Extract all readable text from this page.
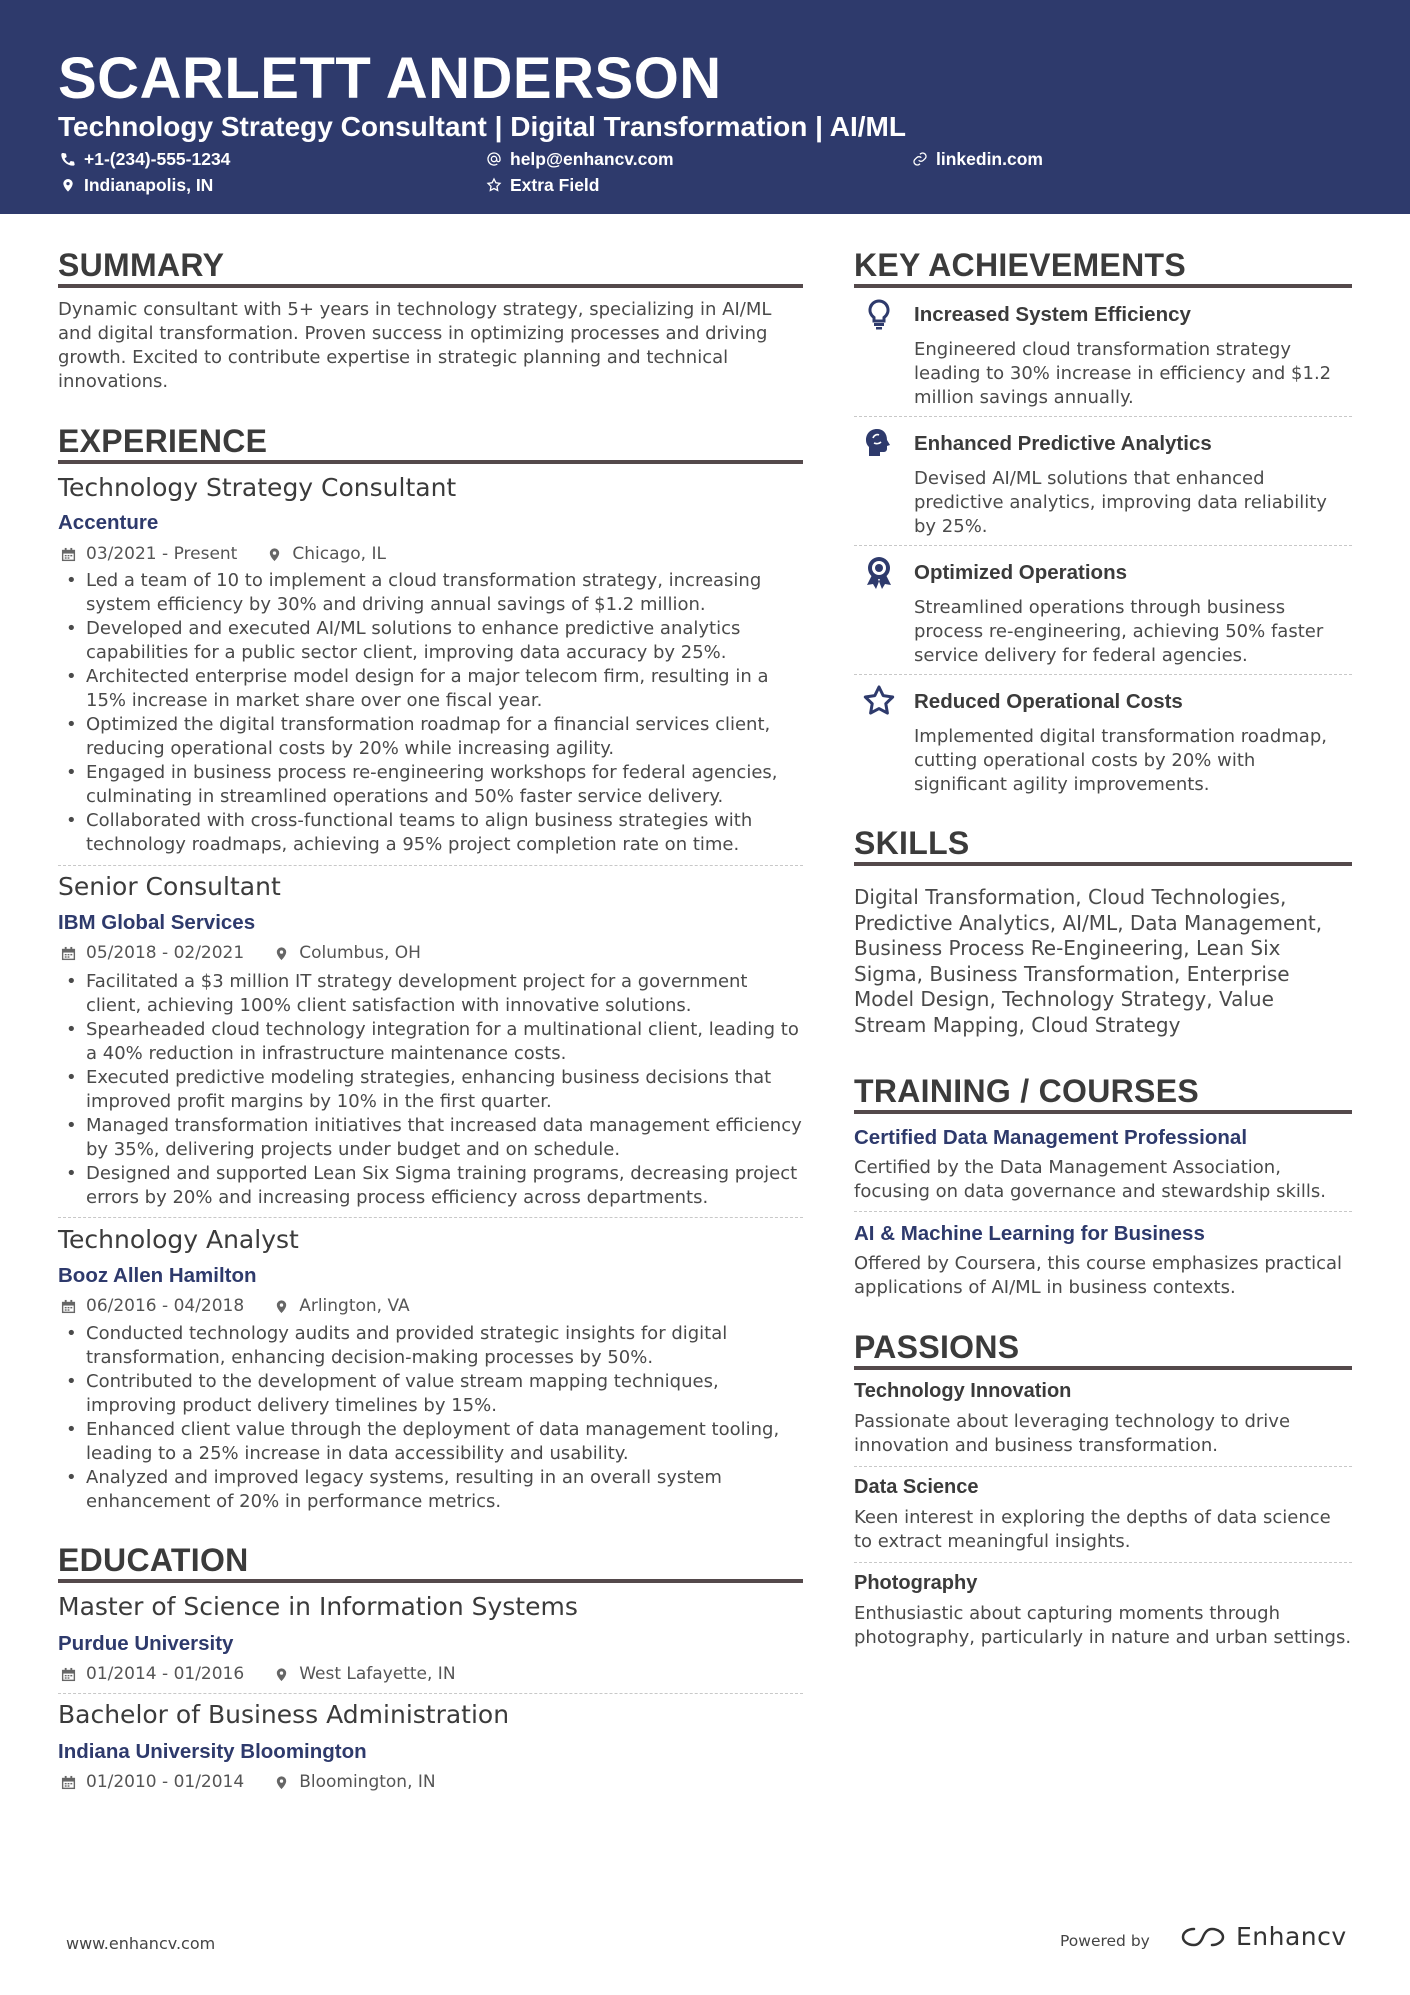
SCARLETT ANDERSON
Technology Strategy Consultant | Digital Transformation | AI/ML
+1-(234)-555-1234	help@enhancv.com	linkedin.com
Indianapolis, IN	Extra Field
SUMMARY
Dynamic consultant with 5+ years in technology strategy, specializing in AI/ML and digital transformation. Proven success in optimizing processes and driving growth. Excited to contribute expertise in strategic planning and technical innovations.
EXPERIENCE
Technology Strategy Consultant
Accenture
03/2021 - Present	Chicago, IL
• Led a team of 10 to implement a cloud transformation strategy, increasing system efficiency by 30% and driving annual savings of $1.2 million.
• Developed and executed AI/ML solutions to enhance predictive analytics capabilities for a public sector client, improving data accuracy by 25%.
• Architected enterprise model design for a major telecom firm, resulting in a 15% increase in market share over one fiscal year.
• Optimized the digital transformation roadmap for a financial services client, reducing operational costs by 20% while increasing agility.
• Engaged in business process re-engineering workshops for federal agencies, culminating in streamlined operations and 50% faster service delivery.
• Collaborated with cross-functional teams to align business strategies with technology roadmaps, achieving a 95% project completion rate on time.
Senior Consultant
IBM Global Services
05/2018 - 02/2021	Columbus, OH
• Facilitated a $3 million IT strategy development project for a government client, achieving 100% client satisfaction with innovative solutions.
• Spearheaded cloud technology integration for a multinational client, leading to a 40% reduction in infrastructure maintenance costs.
• Executed predictive modeling strategies, enhancing business decisions that improved profit margins by 10% in the first quarter.
• Managed transformation initiatives that increased data management efficiency by 35%, delivering projects under budget and on schedule.
• Designed and supported Lean Six Sigma training programs, decreasing project errors by 20% and increasing process efficiency across departments.
Technology Analyst
Booz Allen Hamilton
06/2016 - 04/2018	Arlington, VA
• Conducted technology audits and provided strategic insights for digital transformation, enhancing decision-making processes by 50%.
• Contributed to the development of value stream mapping techniques, improving product delivery timelines by 15%.
• Enhanced client value through the deployment of data management tooling, leading to a 25% increase in data accessibility and usability.
• Analyzed and improved legacy systems, resulting in an overall system enhancement of 20% in performance metrics.
EDUCATION
Master of Science in Information Systems
Purdue University
01/2014 - 01/2016	West Lafayette, IN
Bachelor of Business Administration
Indiana University Bloomington
01/2010 - 01/2014	Bloomington, IN
KEY ACHIEVEMENTS
Increased System Efficiency
Engineered cloud transformation strategy leading to 30% increase in efficiency and $1.2 million savings annually.
Enhanced Predictive Analytics
Devised AI/ML solutions that enhanced predictive analytics, improving data reliability by 25%.
Optimized Operations
Streamlined operations through business process re-engineering, achieving 50% faster service delivery for federal agencies.
Reduced Operational Costs
Implemented digital transformation roadmap, cutting operational costs by 20% with significant agility improvements.
SKILLS
Digital Transformation, Cloud Technologies, Predictive Analytics, AI/ML, Data Management, Business Process Re-Engineering, Lean Six Sigma, Business Transformation, Enterprise Model Design, Technology Strategy, Value Stream Mapping, Cloud Strategy
TRAINING / COURSES
Certified Data Management Professional
Certified by the Data Management Association, focusing on data governance and stewardship skills.
AI & Machine Learning for Business
Offered by Coursera, this course emphasizes practical applications of AI/ML in business contexts.
PASSIONS
Technology Innovation
Passionate about leveraging technology to drive innovation and business transformation.
Data Science
Keen interest in exploring the depths of data science to extract meaningful insights.
Photography
Enthusiastic about capturing moments through photography, particularly in nature and urban settings.
www.enhancv.com	Powered by	Enhancv
